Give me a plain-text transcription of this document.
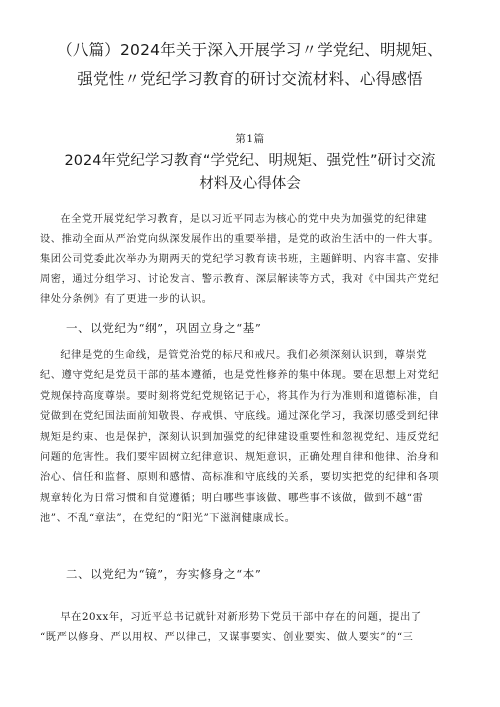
（八篇）2024年关于深入开展学习〃学党纪、明规矩、
强党性〃党纪学习教育的研讨交流材料、心得感悟
第1篇
2024年党纪学习教育“学党纪、明规矩、强党性”研讨交流
材料及心得体会

在全党开展党纪学习教育，是以习近平同志为核心的党中央为加强党的纪律建
设、推动全面从严治党向纵深发展作出的重要举措，是党的政治生活中的一件大事。
集团公司党委此次举办为期两天的党纪学习教育读书班，主题鲜明、内容丰富、安排
周密，通过分组学习、讨论发言、警示教育、深层解读等方式，我对《中国共产党纪
律处分条例》有了更进一步的认识。

一、以党纪为“纲”，巩固立身之“基”

纪律是党的生命线，是管党治党的标尺和戒尺。我们必须深刻认识到，尊崇党
纪、遵守党纪是党员干部的基本遵循，也是党性修养的集中体现。要在思想上对党纪
党规保持高度尊崇。要时刻将党纪党规铭记于心，将其作为行为准则和道德标准，自
觉做到在党纪国法面前知敬畏、存戒惧、守底线。通过深化学习，我深切感受到纪律
规矩是约束、也是保护，深刻认识到加强党的纪律建设重要性和忽视党纪、违反党纪
问题的危害性。我们要牢固树立纪律意识、规矩意识，正确处理自律和他律、治身和
治心、信任和监督、原则和感情、高标准和守底线的关系，要切实把党的纪律和各项
规章转化为日常习惯和自觉遵循；明白哪些事该做、哪些事不该做，做到不越“雷
池”、不乱“章法”，在党纪的“阳光”下滋润健康成长。

二、以党纪为“镜”，夯实修身之“本”

早在20xx年，习近平总书记就针对新形势下党员干部中存在的问题，提出了
“既严以修身、严以用权、严以律己，又谋事要实、创业要实、做人要实”的“三
